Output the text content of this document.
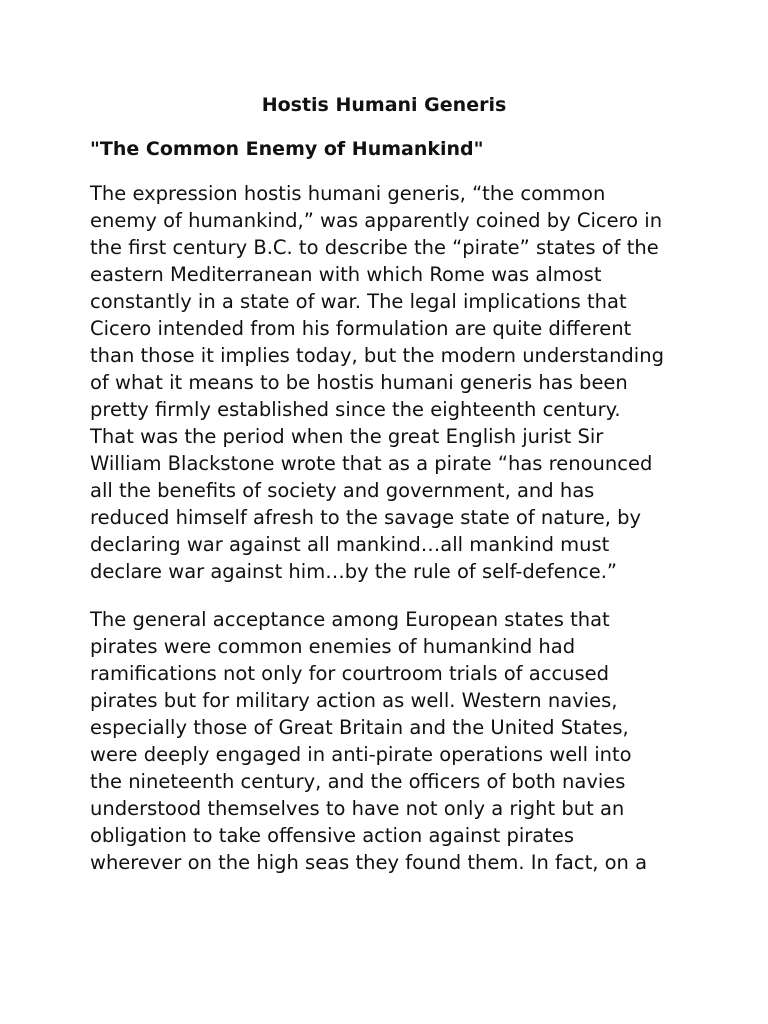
Hostis Humani Generis
"The Common Enemy of Humankind"

The expression hostis humani generis, “the common
enemy of humankind,” was apparently coined by Cicero in
the first century B.C. to describe the “pirate” states of the
eastern Mediterranean with which Rome was almost
constantly in a state of war. The legal implications that
Cicero intended from his formulation are quite different
than those it implies today, but the modern understanding
of what it means to be hostis humani generis has been
pretty firmly established since the eighteenth century.
That was the period when the great English jurist Sir
William Blackstone wrote that as a pirate “has renounced
all the benefits of society and government, and has
reduced himself afresh to the savage state of nature, by
declaring war against all mankind…all mankind must
declare war against him…by the rule of self-defence.”

The general acceptance among European states that
pirates were common enemies of humankind had
ramifications not only for courtroom trials of accused
pirates but for military action as well. Western navies,
especially those of Great Britain and the United States,
were deeply engaged in anti-pirate operations well into
the nineteenth century, and the officers of both navies
understood themselves to have not only a right but an
obligation to take offensive action against pirates
wherever on the high seas they found them. In fact, on a
